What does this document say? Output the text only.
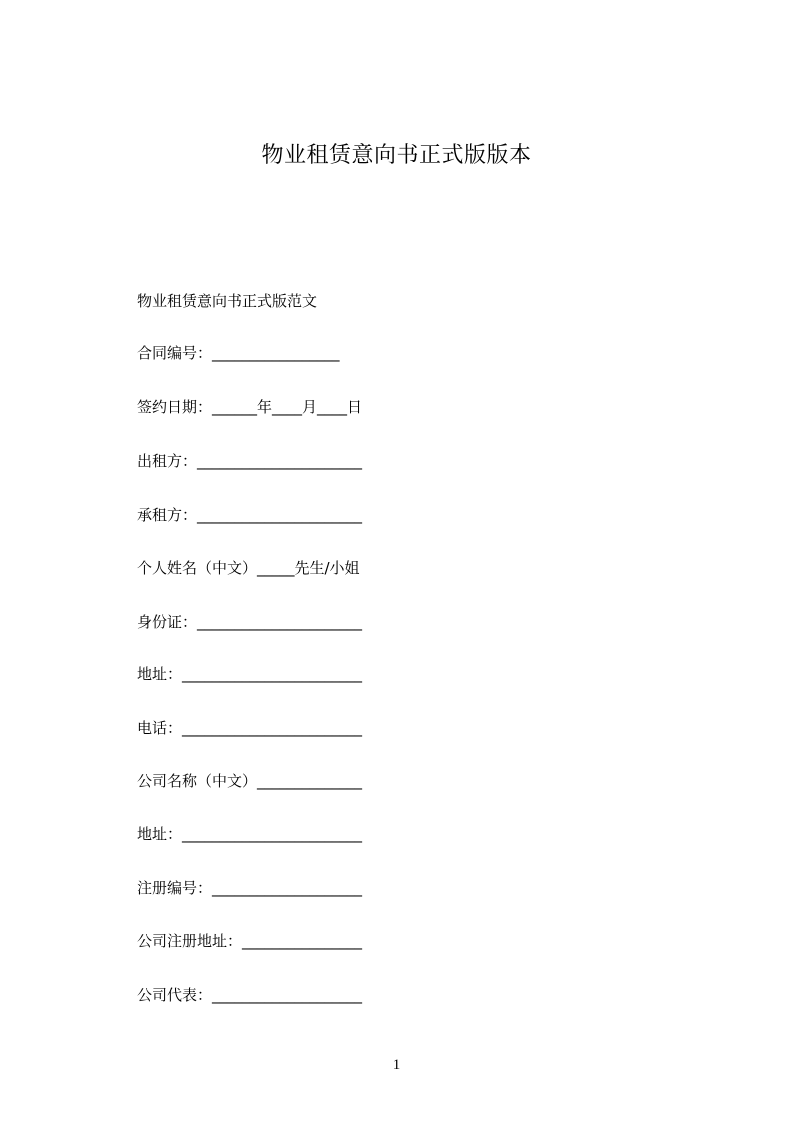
物业租赁意向书正式版版本
物业租赁意向书正式版范文
合同编号：_________________
签约日期：______年____月____日
出租方：______________________
承租方：______________________
个人姓名（中文）_____先生/小姐
身份证：______________________
地址：________________________
电话：________________________
公司名称（中文）______________
地址：________________________
注册编号：____________________
公司注册地址：________________
公司代表：____________________
1
